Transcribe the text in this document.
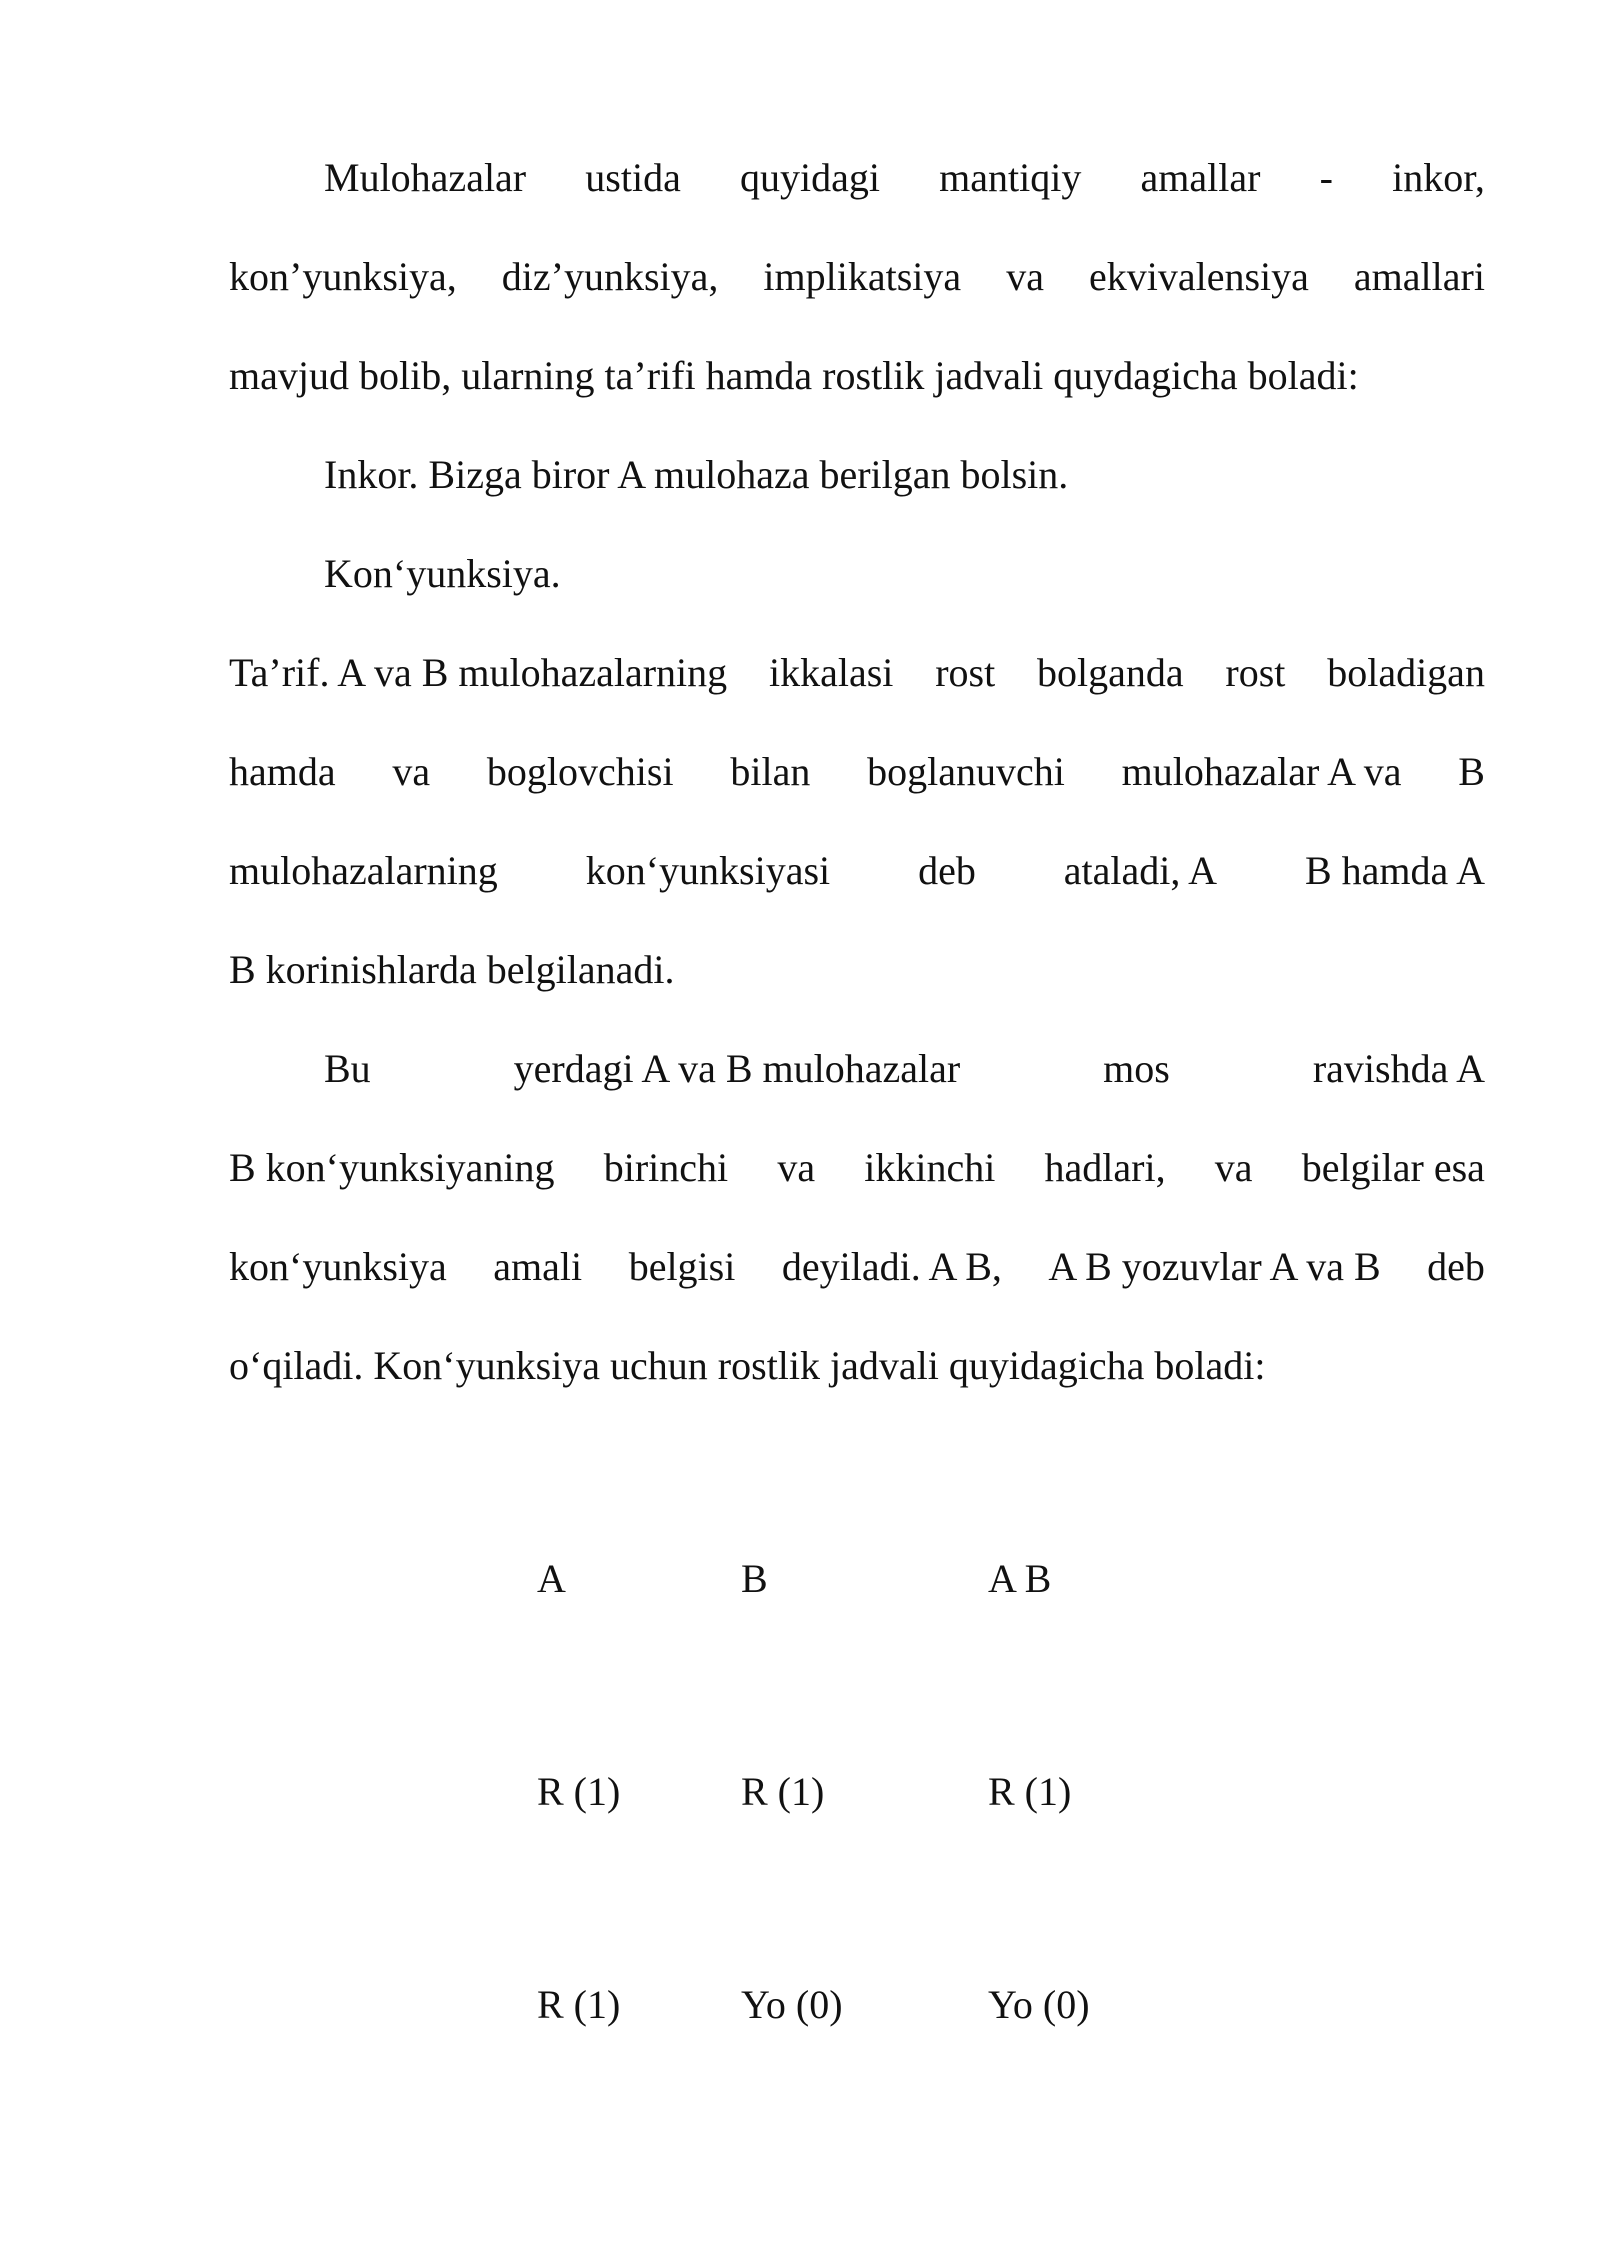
Mulohazalar ustida quyidagi mantiqiy amallar - inkor,
kon’yunksiya, diz’yunksiya, implikatsiya va ekvivalensiya amallari
mavjud bolib, ularning ta’rifi hamda rostlik jadvali quydagicha boladi:
Inkor. Bizga biror A mulohaza berilgan bolsin.
Kon‘yunksiya.
Ta’rif. A va B mulohazalarning ikkalasi rost bolganda rost boladigan
hamda va boglovchisi bilan boglanuvchi mulohazalar A va B
mulohazalarning kon‘yunksiyasi deb ataladi, A B hamda A
B korinishlarda belgilanadi.
Bu	yerdagi A va B mulohazalar	mos	ravishda A
B kon‘yunksiyaning birinchi va ikkinchi hadlari, va belgilar esa
kon‘yunksiya amali belgisi deyiladi. A B, A B yozuvlar A va B deb
o‘qiladi. Kon‘yunksiya uchun rostlik jadvali quyidagicha boladi:
A	B	A B
R (1)	R (1)	R (1)
R (1)	Yo (0)	Yo (0)
